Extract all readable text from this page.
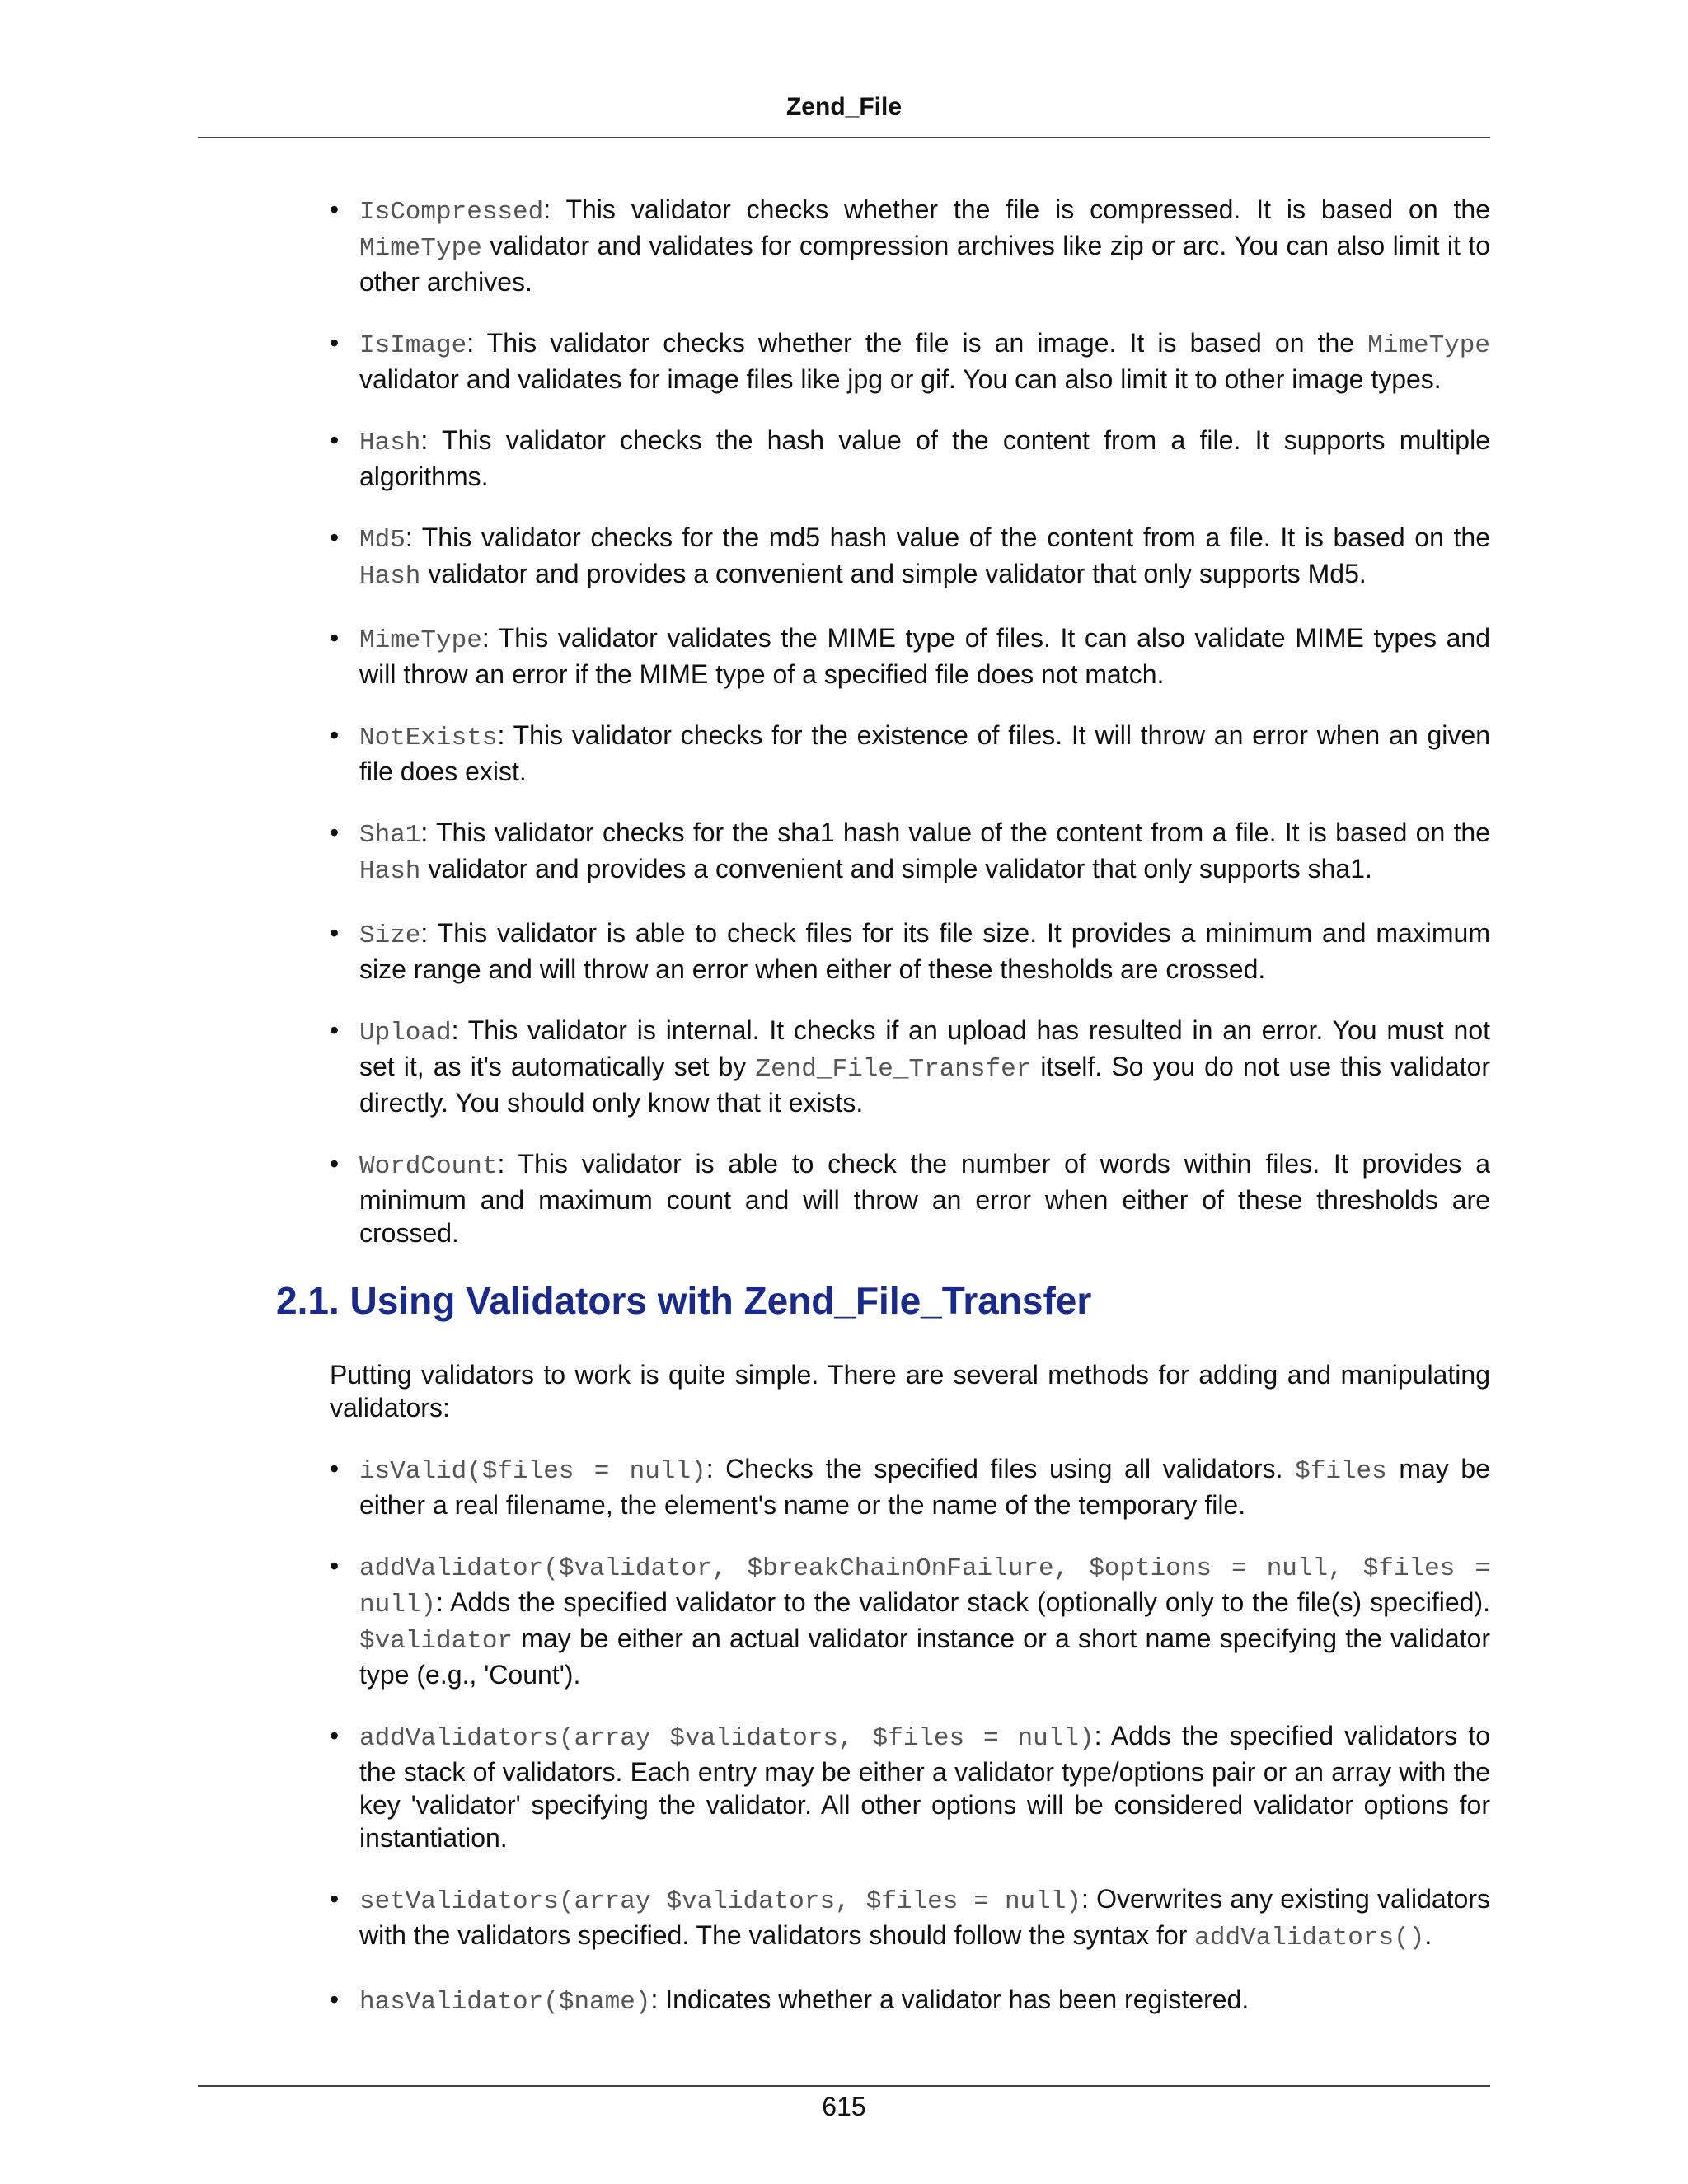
Zend_File
• IsCompressed: This validator checks whether the file is compressed. It is based on the MimeType validator and validates for compression archives like zip or arc. You can also limit it to other archives.
• IsImage: This validator checks whether the file is an image. It is based on the MimeType validator and validates for image files like jpg or gif. You can also limit it to other image types.
• Hash: This validator checks the hash value of the content from a file. It supports multiple algorithms.
• Md5: This validator checks for the md5 hash value of the content from a file. It is based on the Hash validator and provides a convenient and simple validator that only supports Md5.
• MimeType: This validator validates the MIME type of files. It can also validate MIME types and will throw an error if the MIME type of a specified file does not match.
• NotExists: This validator checks for the existence of files. It will throw an error when an given file does exist.
• Sha1: This validator checks for the sha1 hash value of the content from a file. It is based on the Hash validator and provides a convenient and simple validator that only supports sha1.
• Size: This validator is able to check files for its file size. It provides a minimum and maximum size range and will throw an error when either of these thesholds are crossed.
• Upload: This validator is internal. It checks if an upload has resulted in an error. You must not set it, as it's automatically set by Zend_File_Transfer itself. So you do not use this validator directly. You should only know that it exists.
• WordCount: This validator is able to check the number of words within files. It provides a minimum and maximum count and will throw an error when either of these thresholds are crossed.
2.1. Using Validators with Zend_File_Transfer

Putting validators to work is quite simple. There are several methods for adding and manipulating validators:

• isValid($files = null): Checks the specified files using all validators. $files may be either a real filename, the element's name or the name of the temporary file.
• addValidator($validator, $breakChainOnFailure, $options = null, $files = null): Adds the specified validator to the validator stack (optionally only to the file(s) specified). $validator may be either an actual validator instance or a short name specifying the validator type (e.g., 'Count').
• addValidators(array $validators, $files = null): Adds the specified validators to the stack of validators. Each entry may be either a validator type/options pair or an array with the key 'validator' specifying the validator. All other options will be considered validator options for instantiation.
• setValidators(array $validators, $files = null): Overwrites any existing validators with the validators specified. The validators should follow the syntax for addValidators().
• hasValidator($name): Indicates whether a validator has been registered.
615
